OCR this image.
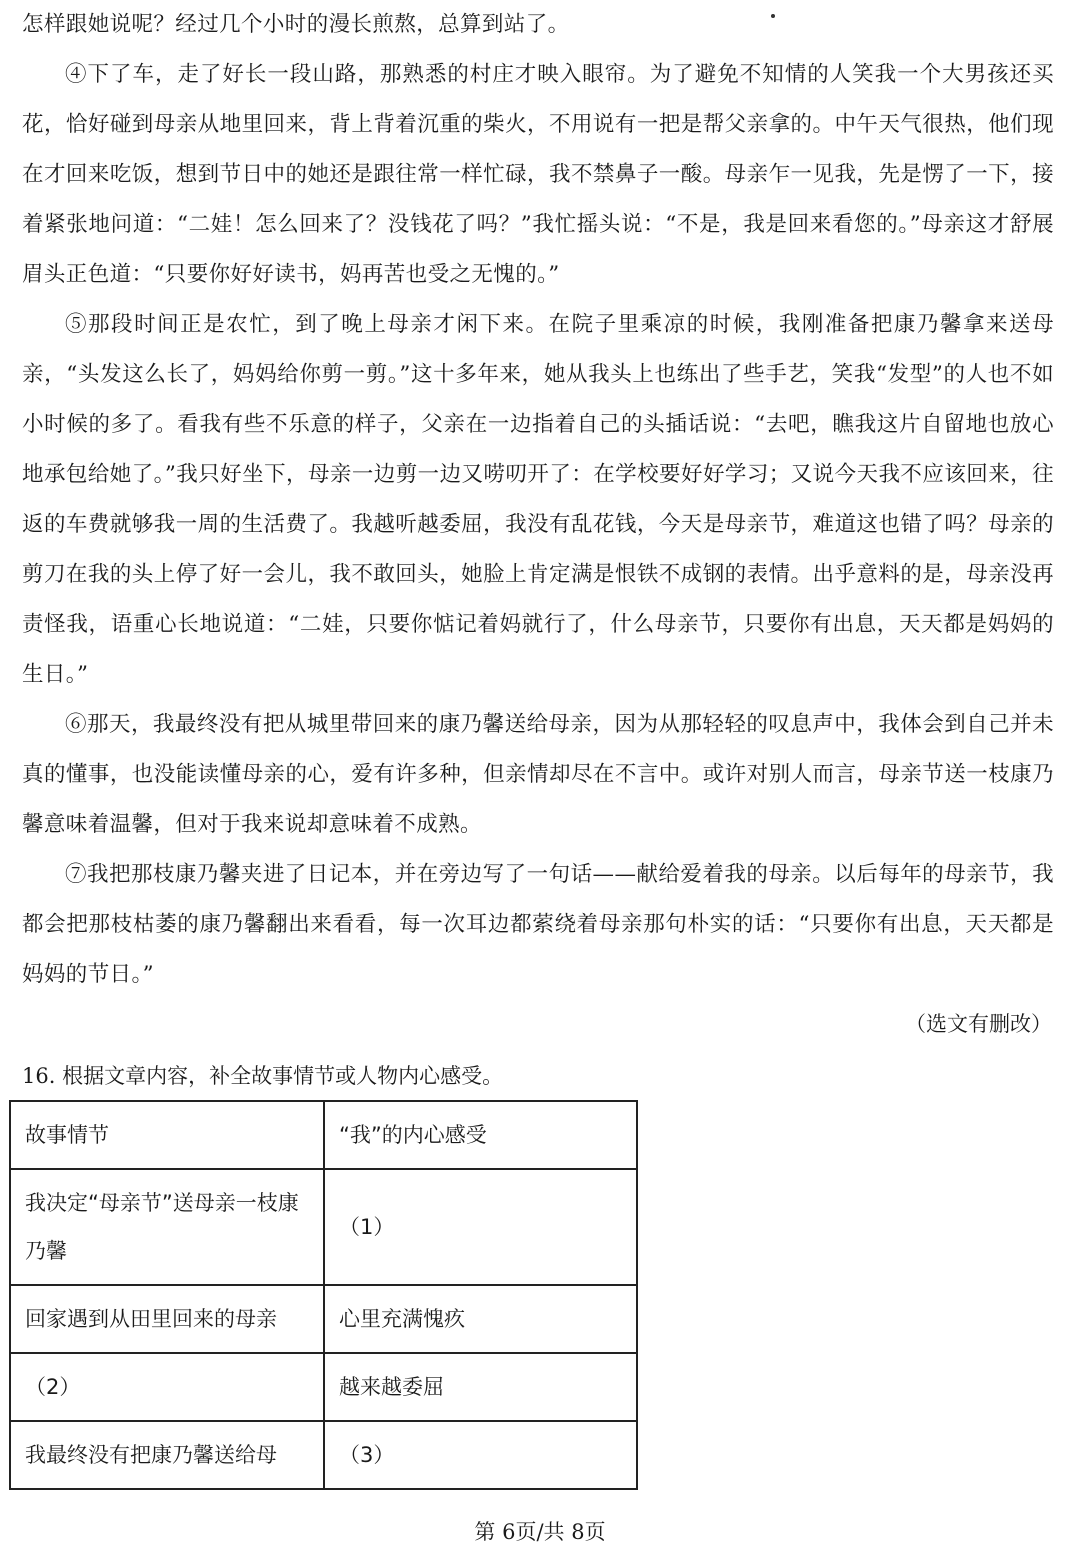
怎样跟她说呢？经过几个小时的漫长煎熬，总算到站了。

④下了车，走了好长一段山路，那熟悉的村庄才映入眼帘。为了避免不知情的人笑我一个大男孩还买花，恰好碰到母亲从地里回来，背上背着沉重的柴火，不用说有一把是帮父亲拿的。中午天气很热，他们现在才回来吃饭，想到节日中的她还是跟往常一样忙碌，我不禁鼻子一酸。母亲乍一见我，先是愣了一下，接着紧张地问道：“二娃！怎么回来了？没钱花了吗？”我忙摇头说：“不是，我是回来看您的。”母亲这才舒展眉头正色道：“只要你好好读书，妈再苦也受之无愧的。”

⑤那段时间正是农忙，到了晚上母亲才闲下来。在院子里乘凉的时候，我刚准备把康乃馨拿来送母亲，“头发这么长了，妈妈给你剪一剪。”这十多年来，她从我头上也练出了些手艺，笑我“发型”的人也不如小时候的多了。看我有些不乐意的样子，父亲在一边指着自己的头插话说：“去吧，瞧我这片自留地也放心地承包给她了。”我只好坐下，母亲一边剪一边又唠叨开了：在学校要好好学习；又说今天我不应该回来，往返的车费就够我一周的生活费了。我越听越委屈，我没有乱花钱，今天是母亲节，难道这也错了吗？母亲的剪刀在我的头上停了好一会儿，我不敢回头，她脸上肯定满是恨铁不成钢的表情。出乎意料的是，母亲没再责怪我，语重心长地说道：“二娃，只要你惦记着妈就行了，什么母亲节，只要你有出息，天天都是妈妈的生日。”

⑥那天，我最终没有把从城里带回来的康乃馨送给母亲，因为从那轻轻的叹息声中，我体会到自己并未真的懂事，也没能读懂母亲的心，爱有许多种，但亲情却尽在不言中。或许对别人而言，母亲节送一枝康乃馨意味着温馨，但对于我来说却意味着不成熟。

⑦我把那枝康乃馨夹进了日记本，并在旁边写了一句话——献给爱着我的母亲。以后每年的母亲节，我都会把那枝枯萎的康乃馨翻出来看看，每一次耳边都萦绕着母亲那句朴实的话：“只要你有出息，天天都是妈妈的节日。”

（选文有删改）
16. 根据文章内容，补全故事情节或人物内心感受。
故事情节	“我”的内心感受
我决定“母亲节”送母亲一枝康乃馨	（1）
回家遇到从田里回来的母亲	心里充满愧疚
（2）	越来越委屈
我最终没有把康乃馨送给母	（3）
第 6页/共 8页
